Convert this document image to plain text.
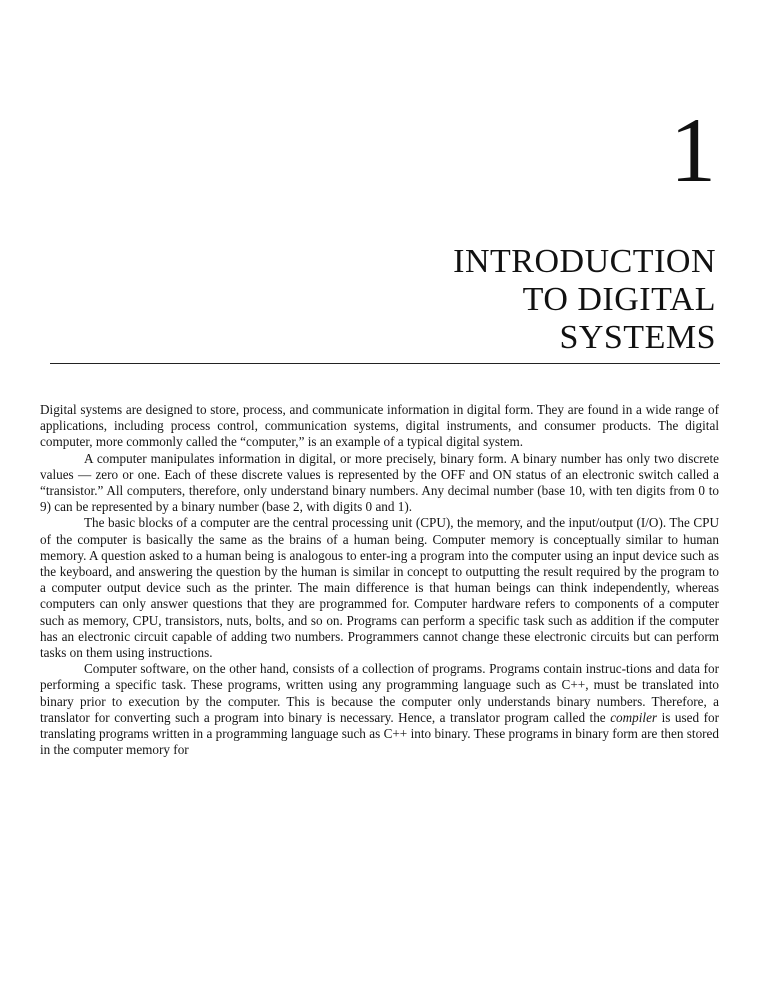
1
INTRODUCTION
TO DIGITAL
SYSTEMS

Digital systems are designed to store, process, and communicate information in digital form. They are found in a wide range of applications, including process control, communication systems, digital instruments, and consumer products. The digital computer, more commonly called the “computer,” is an example of a typical digital system.

A computer manipulates information in digital, or more precisely, binary form. A binary number has only two discrete values — zero or one. Each of these discrete values is represented by the OFF and ON status of an electronic switch called a “transistor.” All computers, therefore, only understand binary numbers. Any decimal number (base 10, with ten digits from 0 to 9) can be represented by a binary number (base 2, with digits 0 and 1).

The basic blocks of a computer are the central processing unit (CPU), the memory, and the input/output (I/O). The CPU of the computer is basically the same as the brains of a human being. Computer memory is conceptually similar to human memory. A question asked to a human being is analogous to enter-ing a program into the computer using an input device such as the keyboard, and answering the question by the human is similar in concept to outputting the result required by the program to a computer output device such as the printer. The main difference is that human beings can think independently, whereas computers can only answer questions that they are programmed for. Computer hardware refers to components of a computer such as memory, CPU, transistors, nuts, bolts, and so on. Programs can perform a specific task such as addition if the computer has an electronic circuit capable of adding two numbers. Programmers cannot change these electronic circuits but can perform tasks on them using instructions.

Computer software, on the other hand, consists of a collection of programs. Programs contain instruc-tions and data for performing a specific task. These programs, written using any programming language such as C++, must be translated into binary prior to execution by the computer. This is because the computer only understands binary numbers. Therefore, a translator for converting such a program into binary is necessary. Hence, a translator program called the compiler is used for translating programs written in a programming language such as C++ into binary. These programs in binary form are then stored in the computer memory for
